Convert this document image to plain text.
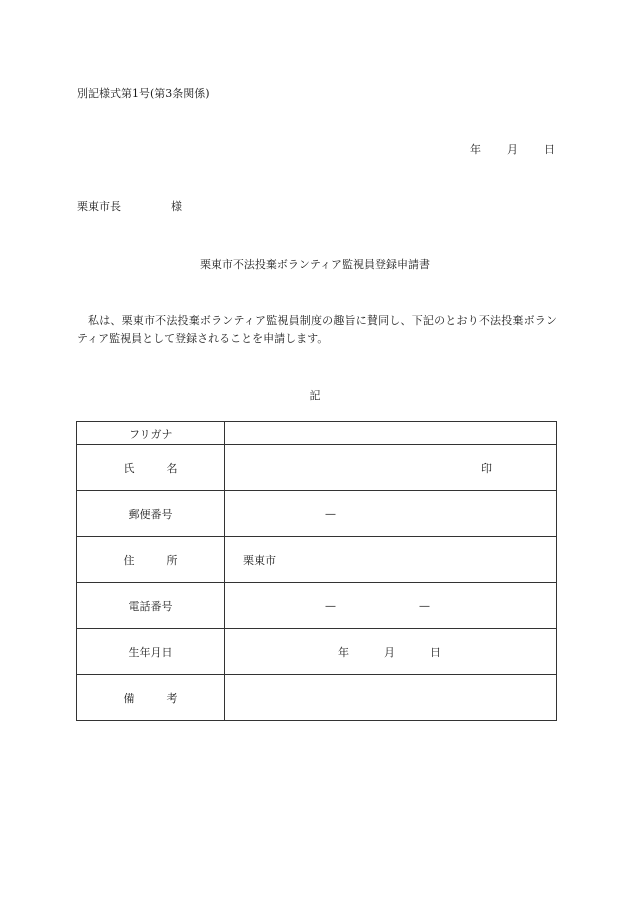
別記様式第1号(第3条関係)
年 月 日
栗東市長	様
栗東市不法投棄ボランティア監視員登録申請書
私は、栗東市不法投棄ボランティア監視員制度の趣旨に賛同し、下記のとおり不法投棄ボランティア監視員として登録されることを申請します。
記
フリガナ	

氏 名	印

郵便番号	—

住 所	栗東市

電話番号	— —

生年月日	年 月 日

備 考	
